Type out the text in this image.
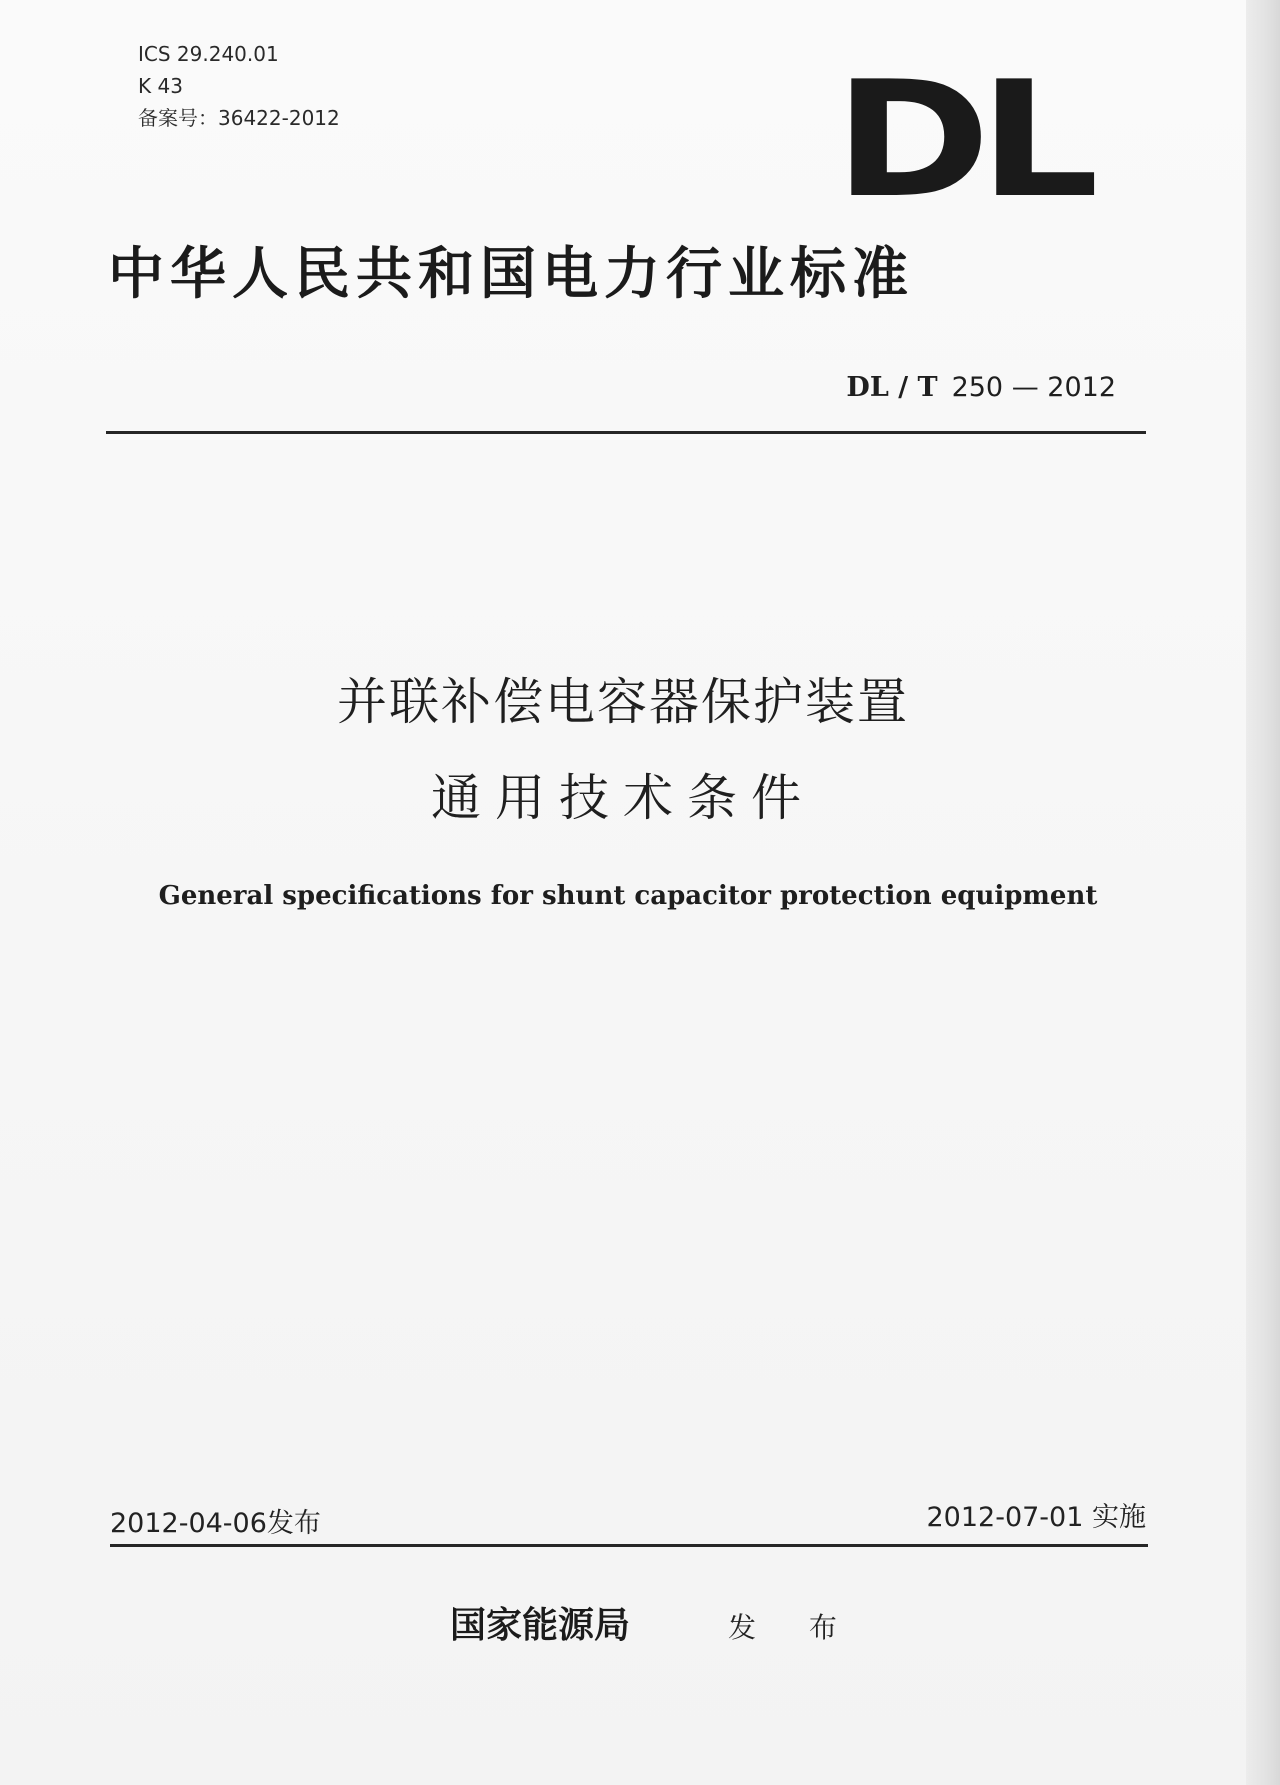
ICS 29.240.01
K 43
备案号：36422-2012	DL
中华人民共和国电力行业标准
DL / T 250 — 2012
并联补偿电容器保护装置
通用技术条件
General specifications for shunt capacitor protection equipment
2012-04-06发布	2012-07-01 实施
国家能源局	发 布
